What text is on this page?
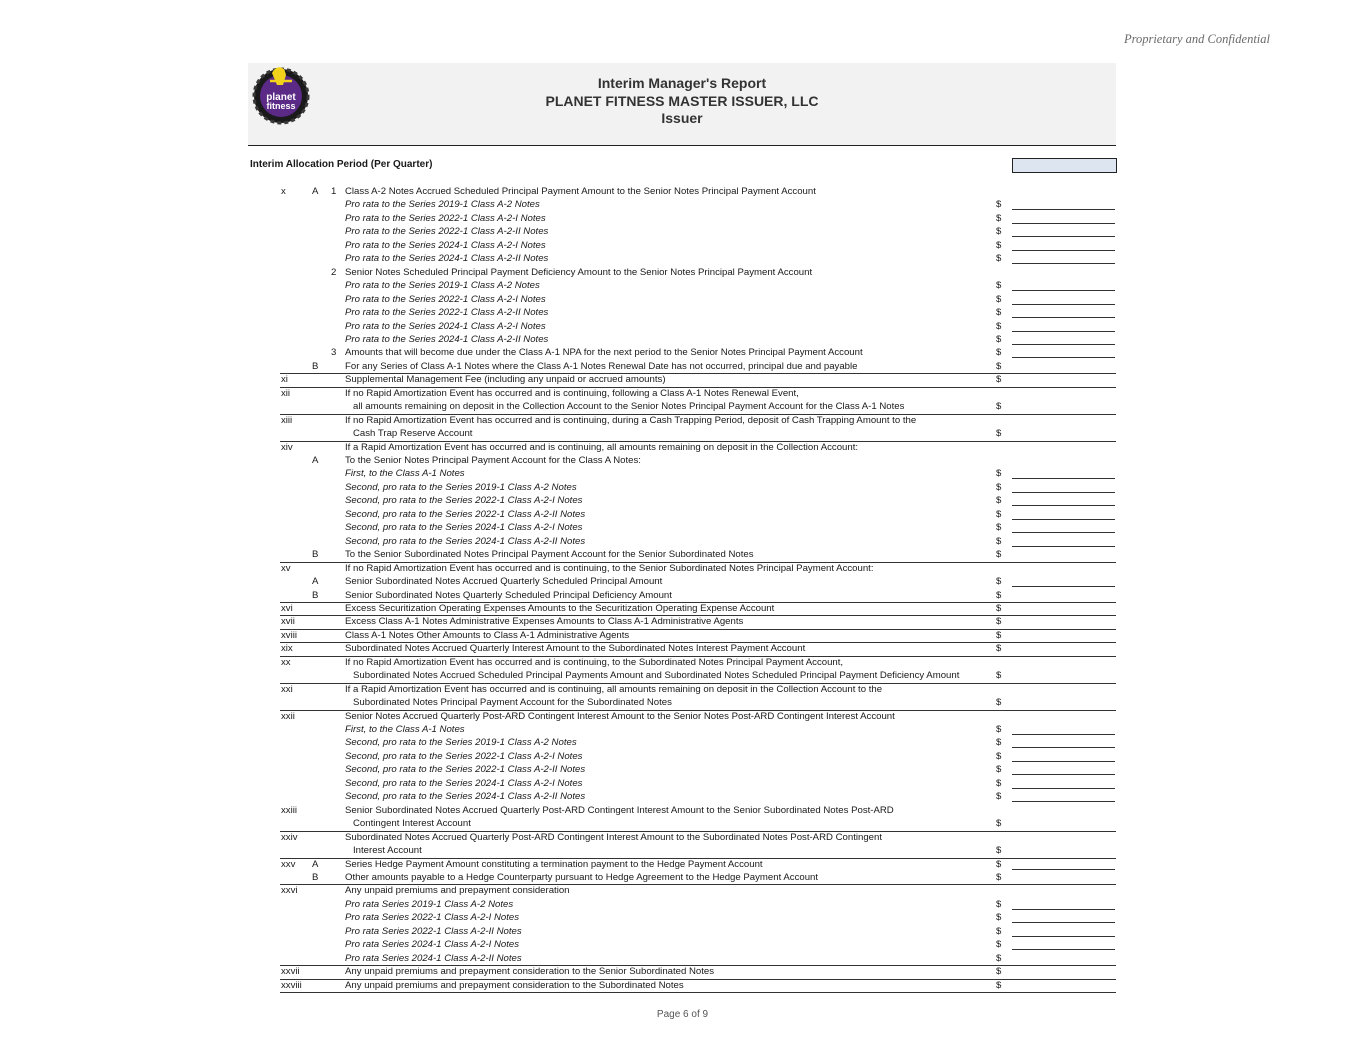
Proprietary and Confidential
planet
fitness
Interim Manager's Report
PLANET FITNESS MASTER ISSUER, LLC
Issuer
Interim Allocation Period (Per Quarter)
x	A 1 Class A-2 Notes Accrued Scheduled Principal Payment Amount to the Senior Notes Principal Payment Account
Pro rata to the Series 2019-1 Class A-2 Notes	$
Pro rata to the Series 2022-1 Class A-2-I Notes	$
Pro rata to the Series 2022-1 Class A-2-II Notes	$
Pro rata to the Series 2024-1 Class A-2-I Notes	$
Pro rata to the Series 2024-1 Class A-2-II Notes	$
2 Senior Notes Scheduled Principal Payment Deficiency Amount to the Senior Notes Principal Payment Account
Pro rata to the Series 2019-1 Class A-2 Notes	$
Pro rata to the Series 2022-1 Class A-2-I Notes	$
Pro rata to the Series 2022-1 Class A-2-II Notes	$
Pro rata to the Series 2024-1 Class A-2-I Notes	$
Pro rata to the Series 2024-1 Class A-2-II Notes	$
3 Amounts that will become due under the Class A-1 NPA for the next period to the Senior Notes Principal Payment Account	$
B	For any Series of Class A-1 Notes where the Class A-1 Notes Renewal Date has not occurred, principal due and payable	$
xi	Supplemental Management Fee (including any unpaid or accrued amounts)	$
xii	If no Rapid Amortization Event has occurred and is continuing, following a Class A-1 Notes Renewal Event,
all amounts remaining on deposit in the Collection Account to the Senior Notes Principal Payment Account for the Class A-1 Notes	$
xiii	If no Rapid Amortization Event has occurred and is continuing, during a Cash Trapping Period, deposit of Cash Trapping Amount to the
Cash Trap Reserve Account	$
xiv	If a Rapid Amortization Event has occurred and is continuing, all amounts remaining on deposit in the Collection Account:
A	To the Senior Notes Principal Payment Account for the Class A Notes:
First, to the Class A-1 Notes	$
Second, pro rata to the Series 2019-1 Class A-2 Notes	$
Second, pro rata to the Series 2022-1 Class A-2-I Notes	$
Second, pro rata to the Series 2022-1 Class A-2-II Notes	$
Second, pro rata to the Series 2024-1 Class A-2-I Notes	$
Second, pro rata to the Series 2024-1 Class A-2-II Notes	$
B	To the Senior Subordinated Notes Principal Payment Account for the Senior Subordinated Notes	$
xv	If no Rapid Amortization Event has occurred and is continuing, to the Senior Subordinated Notes Principal Payment Account:
A	Senior Subordinated Notes Accrued Quarterly Scheduled Principal Amount	$
B	Senior Subordinated Notes Quarterly Scheduled Principal Deficiency Amount	$
xvi	Excess Securitization Operating Expenses Amounts to the Securitization Operating Expense Account	$
xvii	Excess Class A-1 Notes Administrative Expenses Amounts to Class A-1 Administrative Agents	$
xviii	Class A-1 Notes Other Amounts to Class A-1 Administrative Agents	$
xix	Subordinated Notes Accrued Quarterly Interest Amount to the Subordinated Notes Interest Payment Account	$
xx	If no Rapid Amortization Event has occurred and is continuing, to the Subordinated Notes Principal Payment Account,
Subordinated Notes Accrued Scheduled Principal Payments Amount and Subordinated Notes Scheduled Principal Payment Deficiency Amount	$
xxi	If a Rapid Amortization Event has occurred and is continuing, all amounts remaining on deposit in the Collection Account to the
Subordinated Notes Principal Payment Account for the Subordinated Notes	$
xxii	Senior Notes Accrued Quarterly Post-ARD Contingent Interest Amount to the Senior Notes Post-ARD Contingent Interest Account
First, to the Class A-1 Notes	$
Second, pro rata to the Series 2019-1 Class A-2 Notes	$
Second, pro rata to the Series 2022-1 Class A-2-I Notes	$
Second, pro rata to the Series 2022-1 Class A-2-II Notes	$
Second, pro rata to the Series 2024-1 Class A-2-I Notes	$
Second, pro rata to the Series 2024-1 Class A-2-II Notes	$
xxiii	Senior Subordinated Notes Accrued Quarterly Post-ARD Contingent Interest Amount to the Senior Subordinated Notes Post-ARD
Contingent Interest Account	$
xxiv	Subordinated Notes Accrued Quarterly Post-ARD Contingent Interest Amount to the Subordinated Notes Post-ARD Contingent
Interest Account	$
xxv A	Series Hedge Payment Amount constituting a termination payment to the Hedge Payment Account	$
B	Other amounts payable to a Hedge Counterparty pursuant to Hedge Agreement to the Hedge Payment Account	$
xxvi	Any unpaid premiums and prepayment consideration
Pro rata Series 2019-1 Class A-2 Notes	$
Pro rata Series 2022-1 Class A-2-I Notes	$
Pro rata Series 2022-1 Class A-2-II Notes	$
Pro rata Series 2024-1 Class A-2-I Notes	$
Pro rata Series 2024-1 Class A-2-II Notes	$
xxvii	Any unpaid premiums and prepayment consideration to the Senior Subordinated Notes	$
xxviii	Any unpaid premiums and prepayment consideration to the Subordinated Notes	$
Page 6 of 9
